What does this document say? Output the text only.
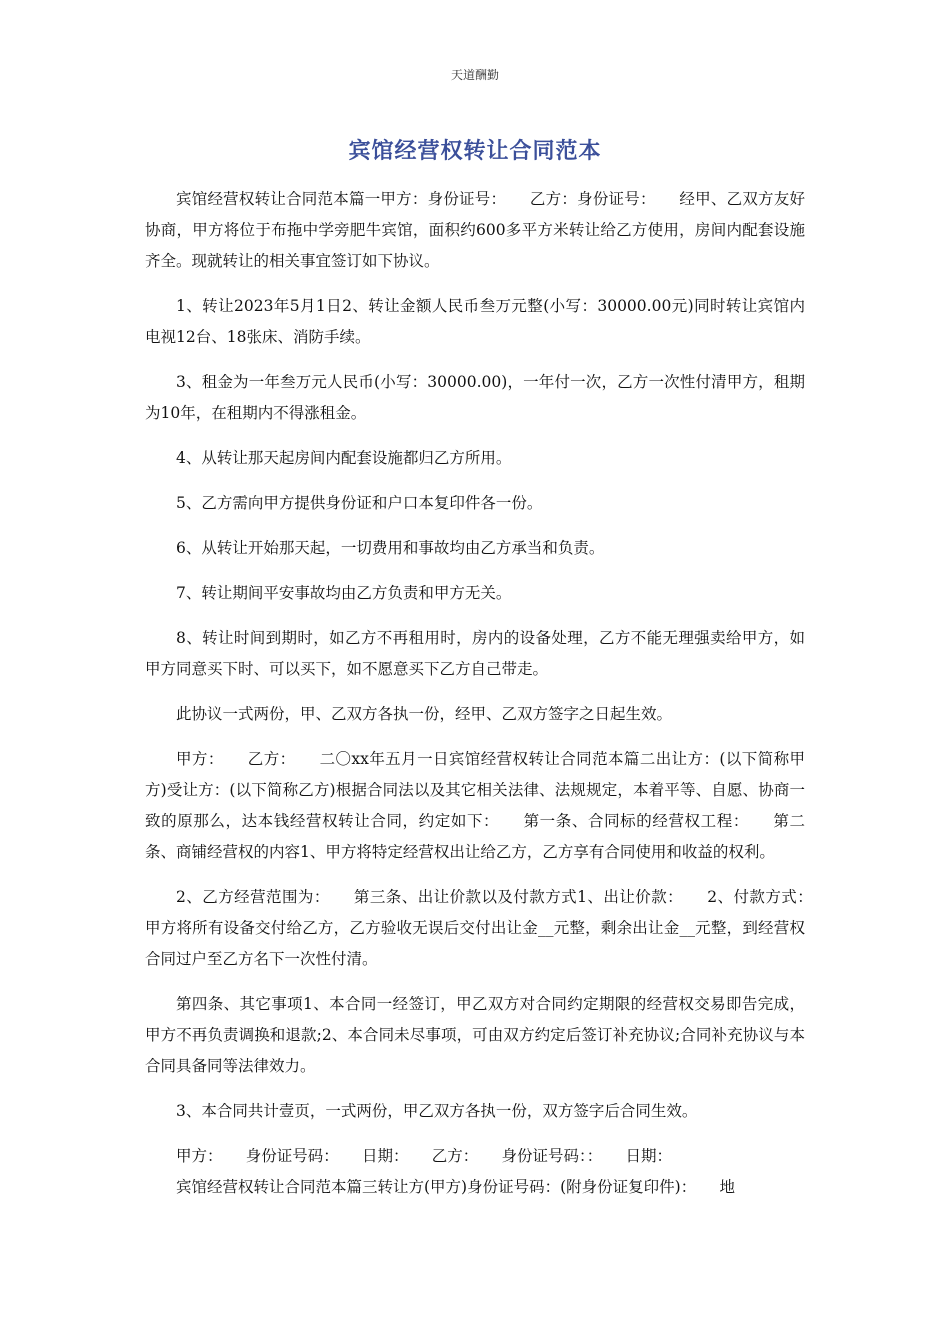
天道酬勤
宾馆经营权转让合同范本

宾馆经营权转让合同范本篇一甲方：身份证号：　　乙方：身份证号：　　经甲、乙双方友好协商，甲方将位于布拖中学旁肥牛宾馆，面积约600多平方米转让给乙方使用，房间内配套设施齐全。现就转让的相关事宜签订如下协议。

1、转让2023年5月1日2、转让金额人民币叁万元整(小写：30000.00元)同时转让宾馆内电视12台、18张床、消防手续。

3、租金为一年叁万元人民币(小写：30000.00)，一年付一次，乙方一次性付清甲方，租期为10年，在租期内不得涨租金。

4、从转让那天起房间内配套设施都归乙方所用。

5、乙方需向甲方提供身份证和户口本复印件各一份。

6、从转让开始那天起，一切费用和事故均由乙方承当和负责。

7、转让期间平安事故均由乙方负责和甲方无关。

8、转让时间到期时，如乙方不再租用时，房内的设备处理，乙方不能无理强卖给甲方，如甲方同意买下时、可以买下，如不愿意买下乙方自己带走。

此协议一式两份，甲、乙双方各执一份，经甲、乙双方签字之日起生效。

甲方：　　乙方：　　二〇xx年五月一日宾馆经营权转让合同范本篇二出让方：(以下简称甲方)受让方：(以下简称乙方)根据合同法以及其它相关法律、法规规定，本着平等、自愿、协商一致的原那么，达本钱经营权转让合同，约定如下：　　第一条、合同标的经营权工程：　　第二条、商铺经营权的内容1、甲方将特定经营权出让给乙方，乙方享有合同使用和收益的权利。

2、乙方经营范围为：　　第三条、出让价款以及付款方式1、出让价款：　　2、付款方式：　　甲方将所有设备交付给乙方，乙方验收无误后交付出让金__元整，剩余出让金__元整，到经营权合同过户至乙方名下一次性付清。

第四条、其它事项1、本合同一经签订，甲乙双方对合同约定期限的经营权交易即告完成，甲方不再负责调换和退款;2、本合同未尽事项，可由双方约定后签订补充协议;合同补充协议与本合同具备同等法律效力。

3、本合同共计壹页，一式两份，甲乙双方各执一份，双方签字后合同生效。

甲方：　　身份证号码：　　日期：　　乙方：　　身份证号码：：　　日期：

宾馆经营权转让合同范本篇三转让方(甲方)身份证号码：(附身份证复印件)：　　地
